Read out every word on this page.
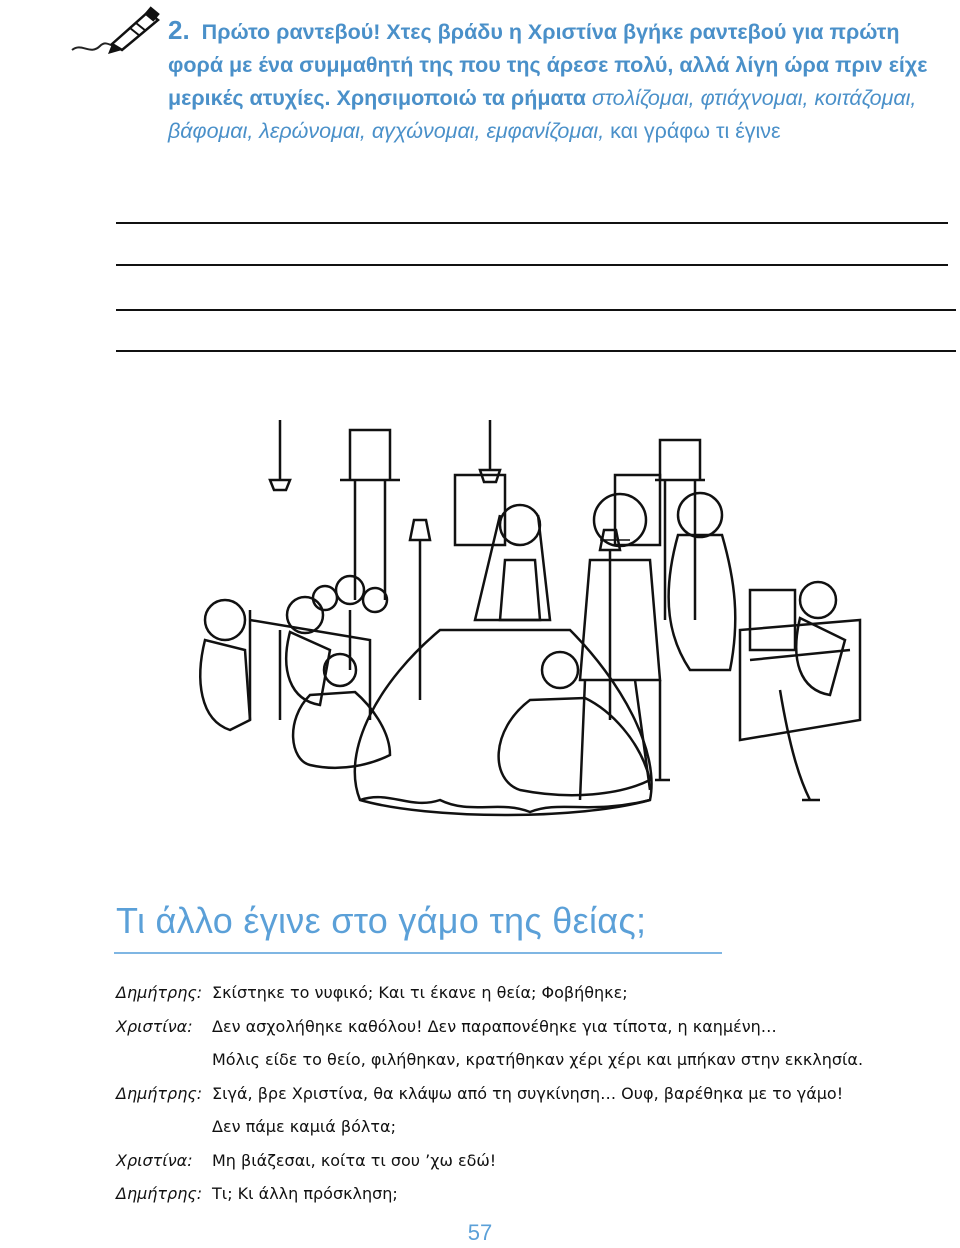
2. Πρώτο ραντεβού! Χτες βράδυ η Χριστίνα βγήκε ραντεβού για πρώτη φορά με ένα συμμαθητή της που της άρεσε πολύ, αλλά λίγη ώρα πριν είχε μερικές ατυχίες. Χρησιμοποιώ τα ρήματα στολίζομαι, φτιάχνομαι, κοιτάζομαι, βάφομαι, λερώνομαι, αγχώνομαι, εμφανίζομαι, και γράφω τι έγινε
Τι άλλο έγινε στο γάμο της θείας;
Δημήτρης: Σκίστηκε το νυφικό; Και τι έκανε η θεία; Φοβήθηκε;
Χριστίνα:	Δεν ασχολήθηκε καθόλου! Δεν παραπονέθηκε για τίποτα, η καημένη…
Μόλις είδε το θείο, φιλήθηκαν, κρατήθηκαν χέρι χέρι και μπήκαν στην εκκλησία.
Δημήτρης: Σιγά, βρε Χριστίνα, θα κλάψω από τη συγκίνηση… Ουφ, βαρέθηκα με το γάμο!
Δεν πάμε καμιά βόλτα;
Χριστίνα:	Μη βιάζεσαι, κοίτα τι σου ’χω εδώ!
Δημήτρης: Τι; Κι άλλη πρόσκληση;
57
